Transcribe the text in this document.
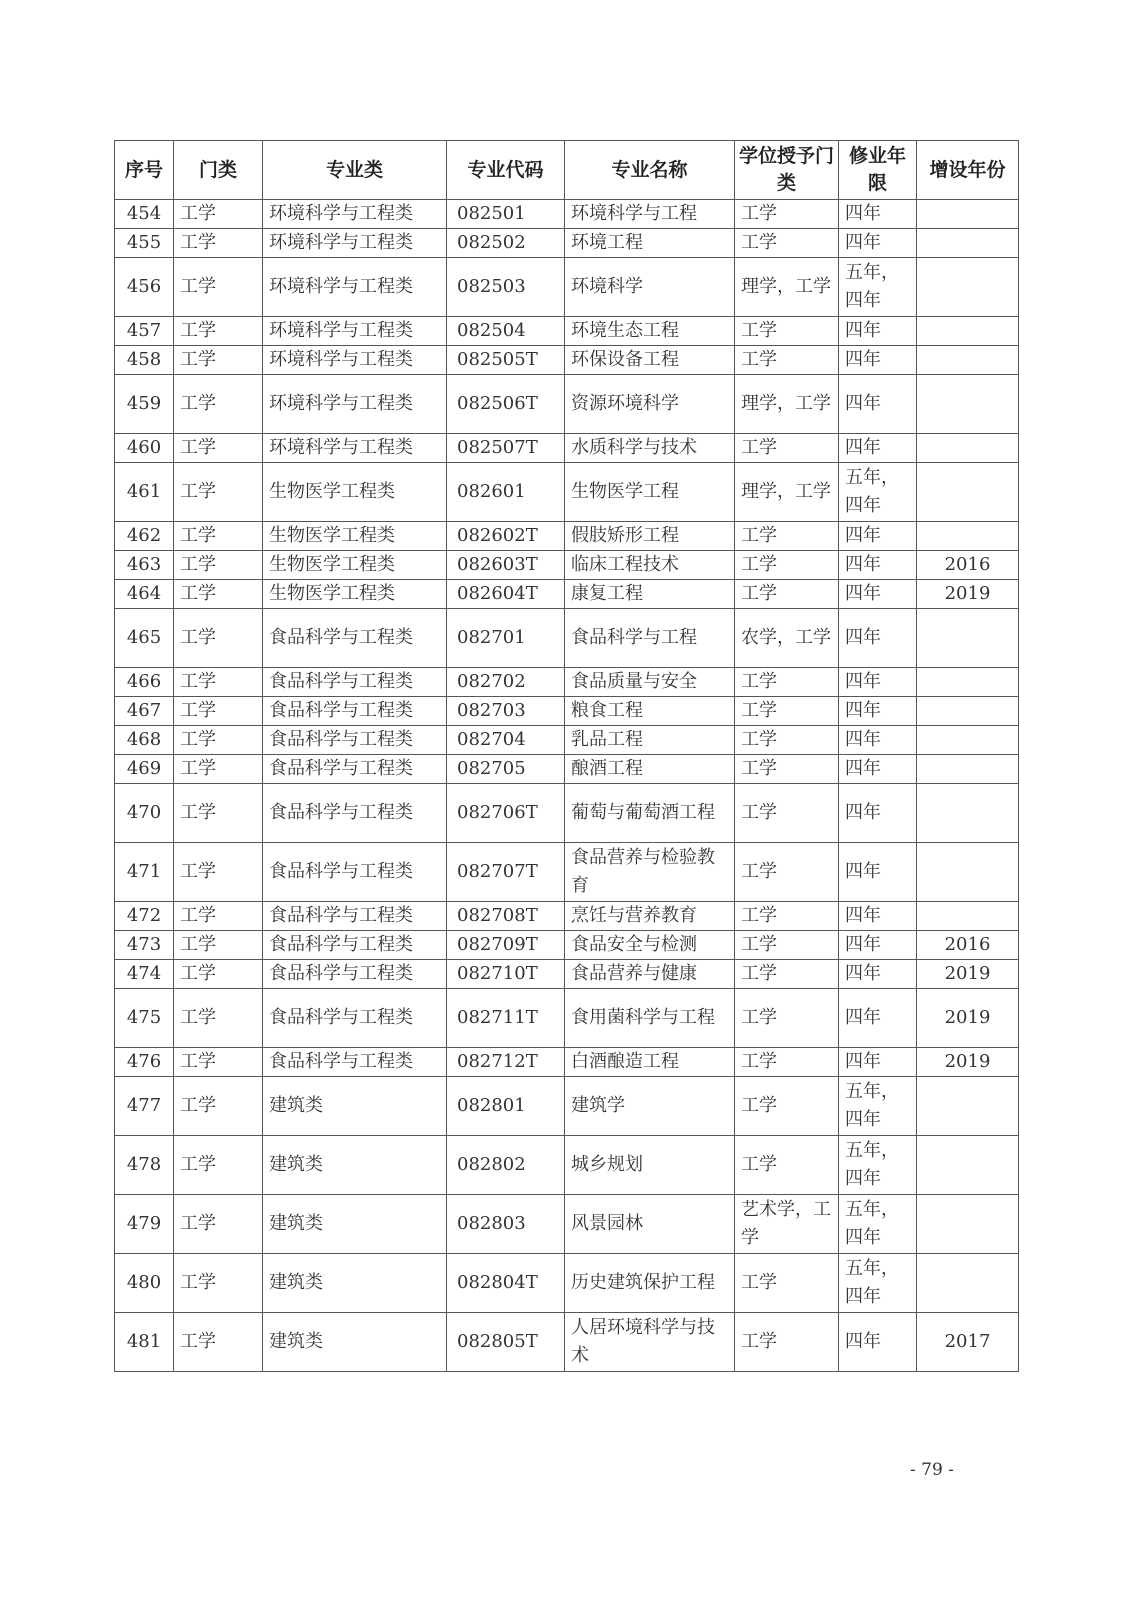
序号	门类	专业类	专业代码	专业名称	学位授予门类	修业年限	增设年份
454	工学	环境科学与工程类	082501	环境科学与工程	工学	四年	
455	工学	环境科学与工程类	082502	环境工程	工学	四年	
456	工学	环境科学与工程类	082503	环境科学	理学，工学	五年，四年	
457	工学	环境科学与工程类	082504	环境生态工程	工学	四年	
458	工学	环境科学与工程类	082505T	环保设备工程	工学	四年	
459	工学	环境科学与工程类	082506T	资源环境科学	理学，工学	四年	
460	工学	环境科学与工程类	082507T	水质科学与技术	工学	四年	
461	工学	生物医学工程类	082601	生物医学工程	理学，工学	五年，四年	
462	工学	生物医学工程类	082602T	假肢矫形工程	工学	四年	
463	工学	生物医学工程类	082603T	临床工程技术	工学	四年	2016
464	工学	生物医学工程类	082604T	康复工程	工学	四年	2019
465	工学	食品科学与工程类	082701	食品科学与工程	农学，工学	四年	
466	工学	食品科学与工程类	082702	食品质量与安全	工学	四年	
467	工学	食品科学与工程类	082703	粮食工程	工学	四年	
468	工学	食品科学与工程类	082704	乳品工程	工学	四年	
469	工学	食品科学与工程类	082705	酿酒工程	工学	四年	
470	工学	食品科学与工程类	082706T	葡萄与葡萄酒工程	工学	四年	
471	工学	食品科学与工程类	082707T	食品营养与检验教育	工学	四年	
472	工学	食品科学与工程类	082708T	烹饪与营养教育	工学	四年	
473	工学	食品科学与工程类	082709T	食品安全与检测	工学	四年	2016
474	工学	食品科学与工程类	082710T	食品营养与健康	工学	四年	2019
475	工学	食品科学与工程类	082711T	食用菌科学与工程	工学	四年	2019
476	工学	食品科学与工程类	082712T	白酒酿造工程	工学	四年	2019
477	工学	建筑类	082801	建筑学	工学	五年，四年	
478	工学	建筑类	082802	城乡规划	工学	五年，四年	
479	工学	建筑类	082803	风景园林	艺术学，工学	五年，四年	
480	工学	建筑类	082804T	历史建筑保护工程	工学	五年，四年	
481	工学	建筑类	082805T	人居环境科学与技术	工学	四年	2017
- 79 -
